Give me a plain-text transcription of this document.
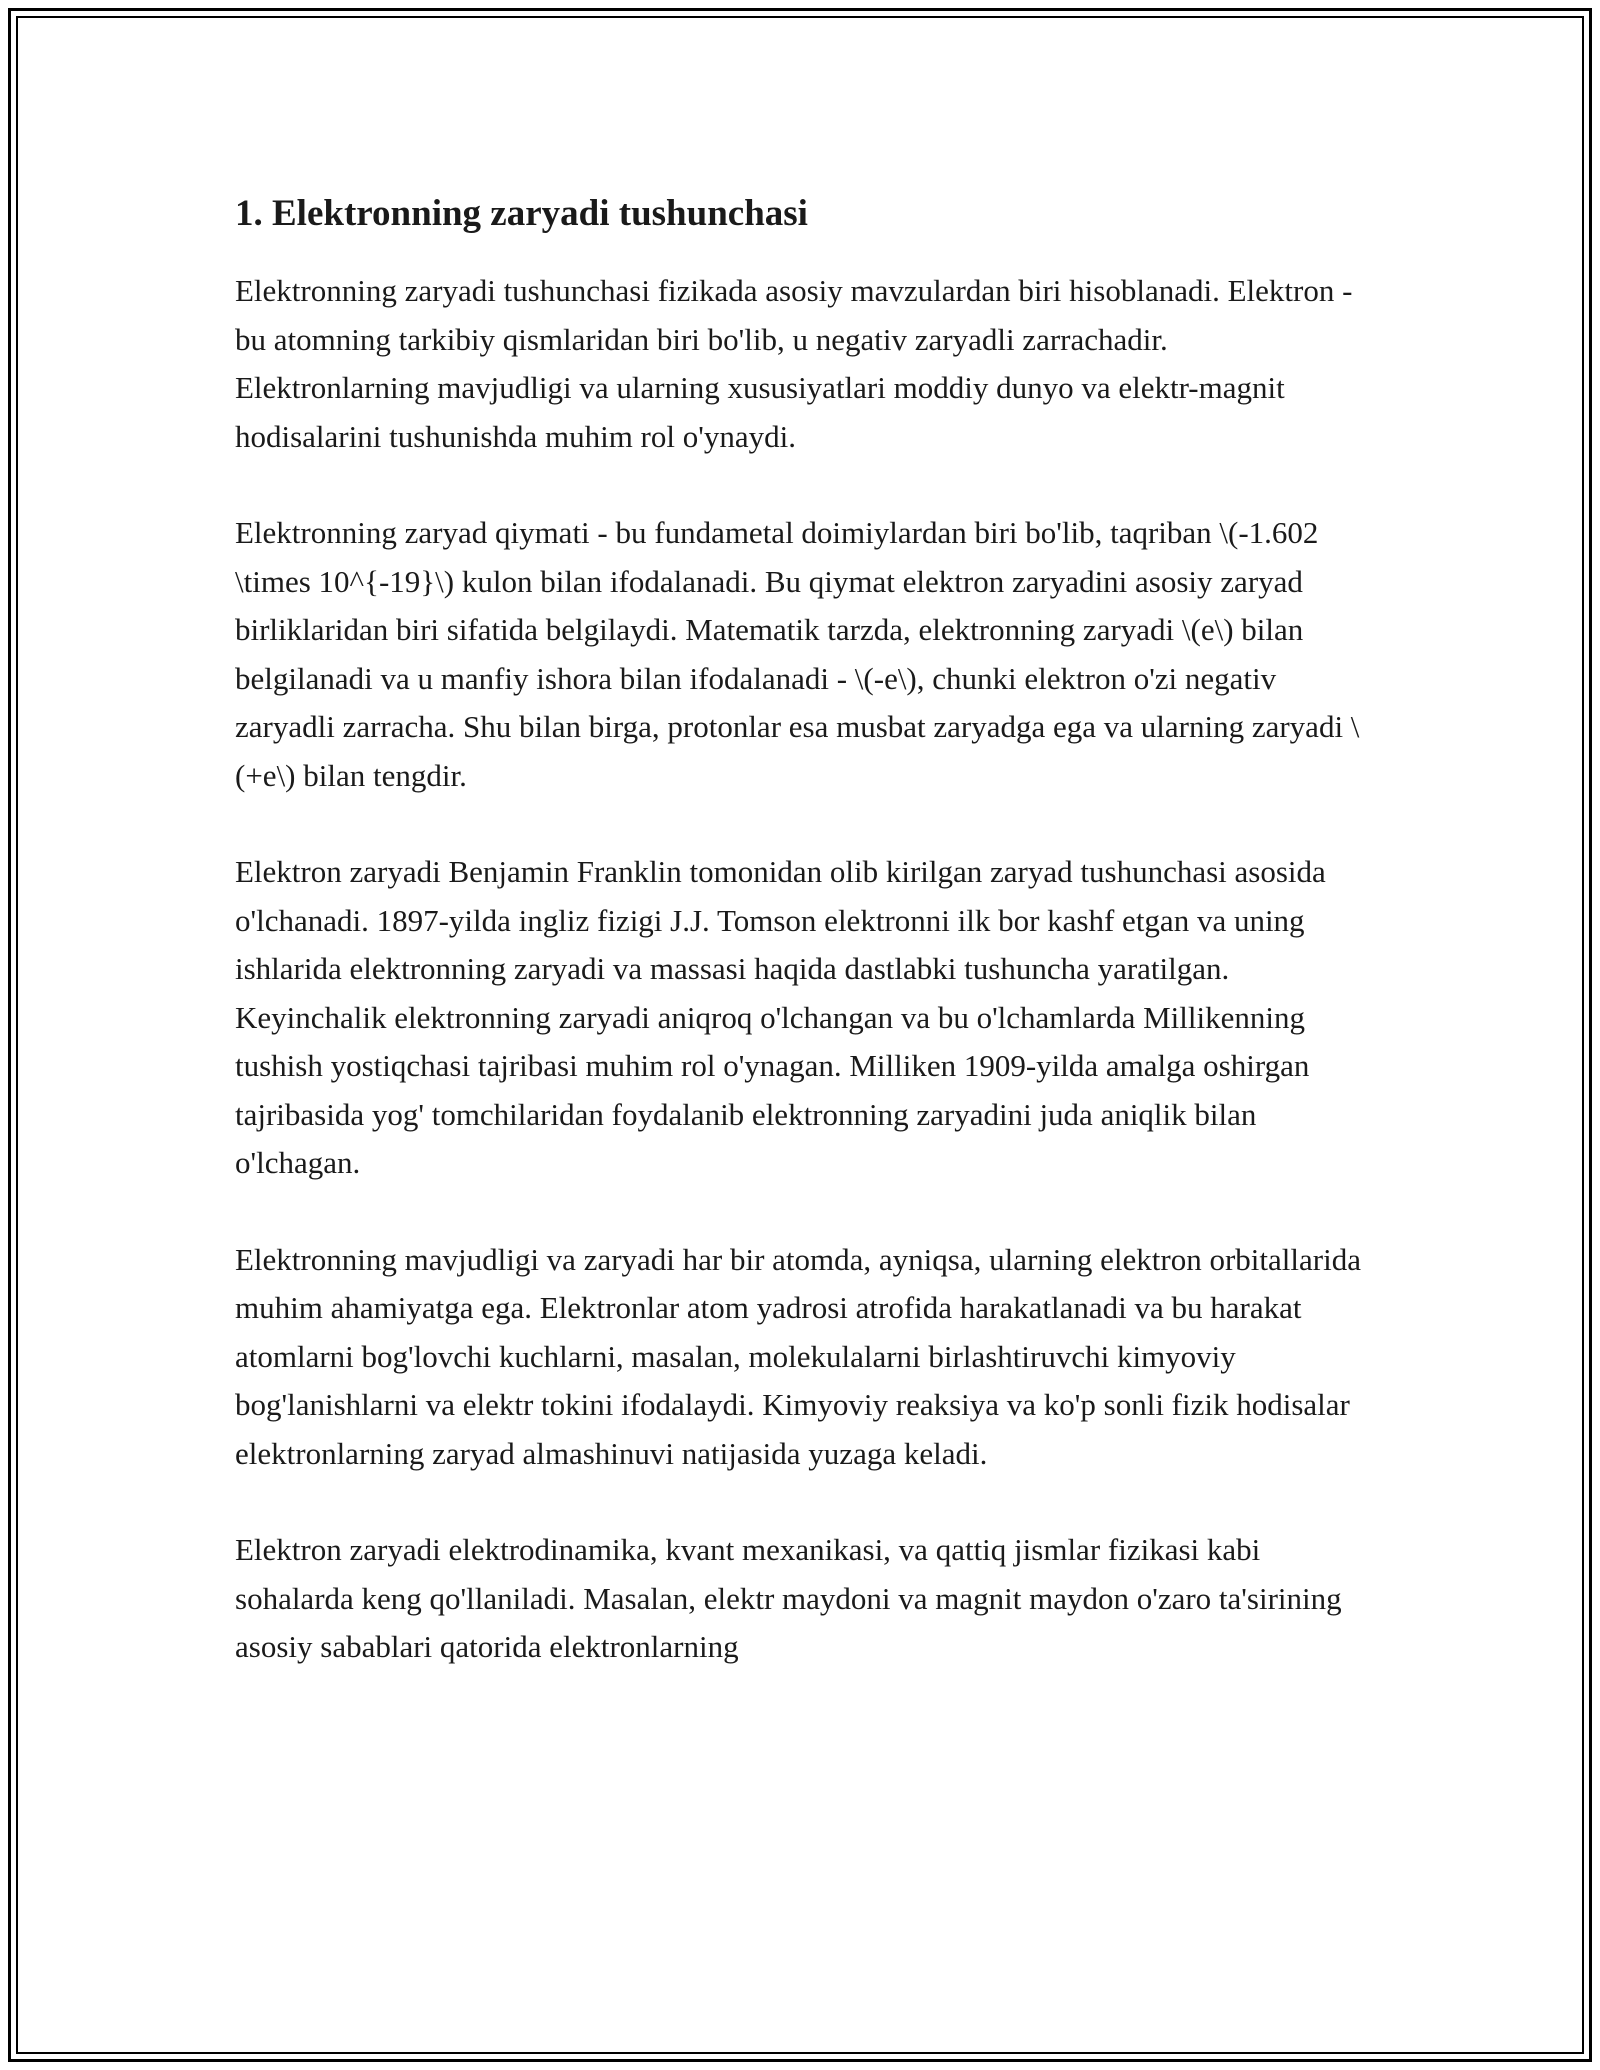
1. Elektronning zaryadi tushunchasi

Elektronning zaryadi tushunchasi fizikada asosiy mavzulardan biri hisoblanadi. Elektron - bu atomning tarkibiy qismlaridan biri bo'lib, u negativ zaryadli zarrachadir. Elektronlarning mavjudligi va ularning xususiyatlari moddiy dunyo va elektr-magnit hodisalarini tushunishda muhim rol o'ynaydi.

Elektronning zaryad qiymati - bu fundametal doimiylardan biri bo'lib, taqriban \(-1.602 \times 10^{-19}\) kulon bilan ifodalanadi. Bu qiymat elektron zaryadini asosiy zaryad birliklaridan biri sifatida belgilaydi. Matematik tarzda, elektronning zaryadi \(e\) bilan belgilanadi va u manfiy ishora bilan ifodalanadi - \(-e\), chunki elektron o'zi negativ zaryadli zarracha. Shu bilan birga, protonlar esa musbat zaryadga ega va ularning zaryadi \(+e\) bilan tengdir.

Elektron zaryadi Benjamin Franklin tomonidan olib kirilgan zaryad tushunchasi asosida o'lchanadi. 1897-yilda ingliz fizigi J.J. Tomson elektronni ilk bor kashf etgan va uning ishlarida elektronning zaryadi va massasi haqida dastlabki tushuncha yaratilgan. Keyinchalik elektronning zaryadi aniqroq o'lchangan va bu o'lchamlarda Millikenning tushish yostiqchasi tajribasi muhim rol o'ynagan. Milliken 1909-yilda amalga oshirgan tajribasida yog' tomchilaridan foydalanib elektronning zaryadini juda aniqlik bilan o'lchagan.

Elektronning mavjudligi va zaryadi har bir atomda, ayniqsa, ularning elektron orbitallarida muhim ahamiyatga ega. Elektronlar atom yadrosi atrofida harakatlanadi va bu harakat atomlarni bog'lovchi kuchlarni, masalan, molekulalarni birlashtiruvchi kimyoviy bog'lanishlarni va elektr tokini ifodalaydi. Kimyoviy reaksiya va ko'p sonli fizik hodisalar elektronlarning zaryad almashinuvi natijasida yuzaga keladi.

Elektron zaryadi elektrodinamika, kvant mexanikasi, va qattiq jismlar fizikasi kabi sohalarda keng qo'llaniladi. Masalan, elektr maydoni va magnit maydon o'zaro ta'sirining asosiy sabablari qatorida elektronlarning
